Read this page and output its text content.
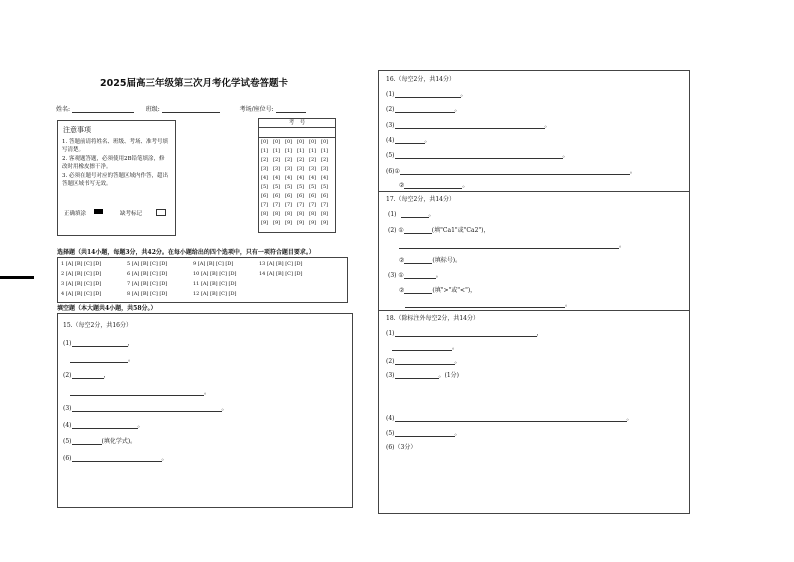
2025届高三年级第三次月考化学试卷答题卡
姓名:	班级:	考场/座位号:
注意事项
1. 答题前请将姓名、班级、考场、准考号填写清楚。
2. 客观题答题，必须使用2B铅笔填涂，修改时用橡皮擦干净。
3. 必须在题号对应的答题区域内作答，超出答题区域书写无效。
正确填涂	缺考标记
考　号
[0] [0] [0] [0] [0] [0]
[1] [1] [1] [1] [1] [1]
[2] [2] [2] [2] [2] [2]
[3] [3] [3] [3] [3] [3]
[4] [4] [4] [4] [4] [4]
[5] [5] [5] [5] [5] [5]
[6] [6] [6] [6] [6] [6]
[7] [7] [7] [7] [7] [7]
[8] [8] [8] [8] [8] [8]
[9] [9] [9] [9] [9] [9]
选择题（共14小题，每题3分，共42分。在每小题给出的四个选项中，只有一项符合题目要求。）
1 [A] [B] [C] [D]
2 [A] [B] [C] [D]
3 [A] [B] [C] [D]
4 [A] [B] [C] [D]
5 [A] [B] [C] [D]
6 [A] [B] [C] [D]
7 [A] [B] [C] [D]
8 [A] [B] [C] [D]
9 [A] [B] [C] [D]
10 [A] [B] [C] [D]
11 [A] [B] [C] [D]
12 [A] [B] [C] [D]
13 [A] [B] [C] [D]
14 [A] [B] [C] [D]
填空题（本大题共4小题，共58分。）
15.（每空2分，共16分）
(1)	，
。
(2)	，
。
(3)	。
(4)	。
(5)	(填化学式)。
(6)	。
16.（每空2分，共14分）
(1)	。
(2)	。
(3)	。
(4)	。
(5)	。
(6)①	。
②	。
17.（每空2分，共14分）
(1)	。
(2) ①	(填"Ca1"或"Ca2")，
。
②	(填标号)。
(3) ①	。
②	(填">"或"<")，
。
18.（除标注外每空2分，共14分）
(1)	，
。
(2)	。
(3)	。(1分)
(4)	。
(5)	。
(6)（3分）
